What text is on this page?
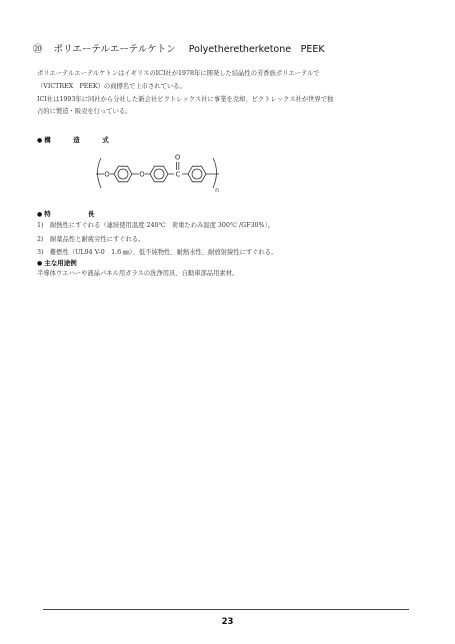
⑳ ポリエーテルエーテルケトン Polyetheretherketone　PEEK

ポリエーテルエーテルケトンはイギリスのICI社が1978年に開発した結晶性の芳香族ポリエーテルで

（VICTREX　PEEK）の商標名で上市されている。

ICI社は1993年に同社から分社した新会社ビクトレックス社に事業を売却、ビクトレックス社が世界で独

占的に製造・販売を行っている。

● 構　造　式
O	O	C
O
n
● 特　　長
1) 耐熱性にすぐれる（連続使用温度 240℃　荷重たわみ温度 300℃ /GF30%）。
2) 耐薬品性と耐疲労性にすぐれる。
3) 難燃性（UL94 V-0　1.6 ㎜）、低不純物性、耐熱水性、耐放射線性にすぐれる。
● 主な用途例
半導体ウエハーや液晶パネル用ガラスの洗浄用具、自動車部品用素材。
23
